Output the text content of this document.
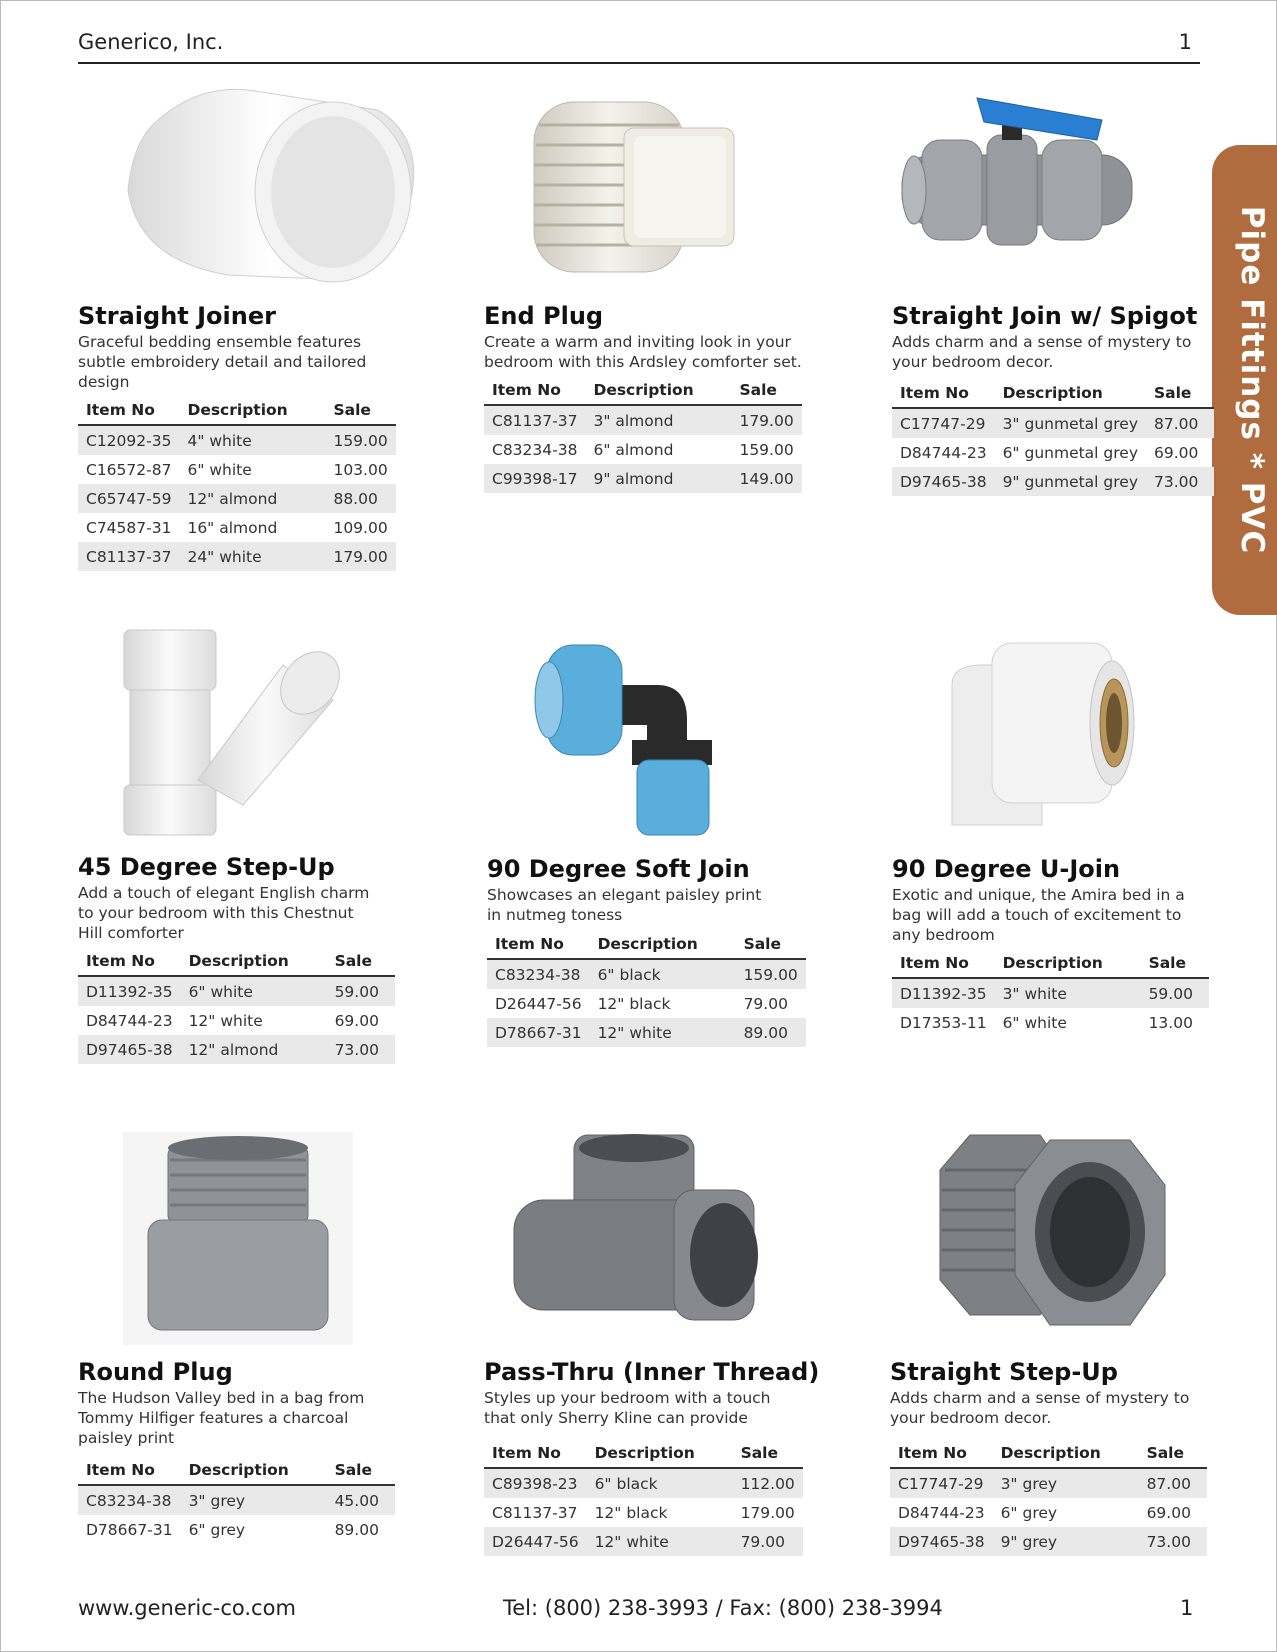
Generico, Inc.	1
Pipe Fittings * PVC
Straight Joiner
Graceful bedding ensemble features subtle embroidery detail and tailored design
Item No	Description	Sale
C12092-35	4" white	159.00
C16572-87	6" white	103.00
C65747-59	12" almond	88.00
C74587-31	16" almond	109.00
C81137-37	24" white	179.00
End Plug
Create a warm and inviting look in your bedroom with this Ardsley comforter set.
Item No	Description	Sale
C81137-37	3" almond	179.00
C83234-38	6" almond	159.00
C99398-17	9" almond	149.00
Straight Join w/ Spigot
Adds charm and a sense of mystery to your bedroom decor.
Item No	Description	Sale
C17747-29	3" gunmetal grey	87.00
D84744-23	6" gunmetal grey	69.00
D97465-38	9" gunmetal grey	73.00
45 Degree Step-Up
Add a touch of elegant English charm to your bedroom with this Chestnut Hill comforter
Item No	Description	Sale
D11392-35	6" white	59.00
D84744-23	12" white	69.00
D97465-38	12" almond	73.00
90 Degree Soft Join
Showcases an elegant paisley print in nutmeg toness
Item No	Description	Sale
C83234-38	6" black	159.00
D26447-56	12" black	79.00
D78667-31	12" white	89.00
90 Degree U-Join
Exotic and unique, the Amira bed in a bag will add a touch of excitement to any bedroom
Item No	Description	Sale
D11392-35	3" white	59.00
D17353-11	6" white	13.00
Round Plug
The Hudson Valley bed in a bag from Tommy Hilfiger features a charcoal paisley print
Item No	Description	Sale
C83234-38	3" grey	45.00
D78667-31	6" grey	89.00
Pass-Thru (Inner Thread)
Styles up your bedroom with a touch that only Sherry Kline can provide
Item No	Description	Sale
C89398-23	6" black	112.00
C81137-37	12" black	179.00
D26447-56	12" white	79.00
Straight Step-Up
Adds charm and a sense of mystery to your bedroom decor.
Item No	Description	Sale
C17747-29	3" grey	87.00
D84744-23	6" grey	69.00
D97465-38	9" grey	73.00
www.generic-co.com	Tel: (800) 238-3993 / Fax: (800) 238-3994	1
